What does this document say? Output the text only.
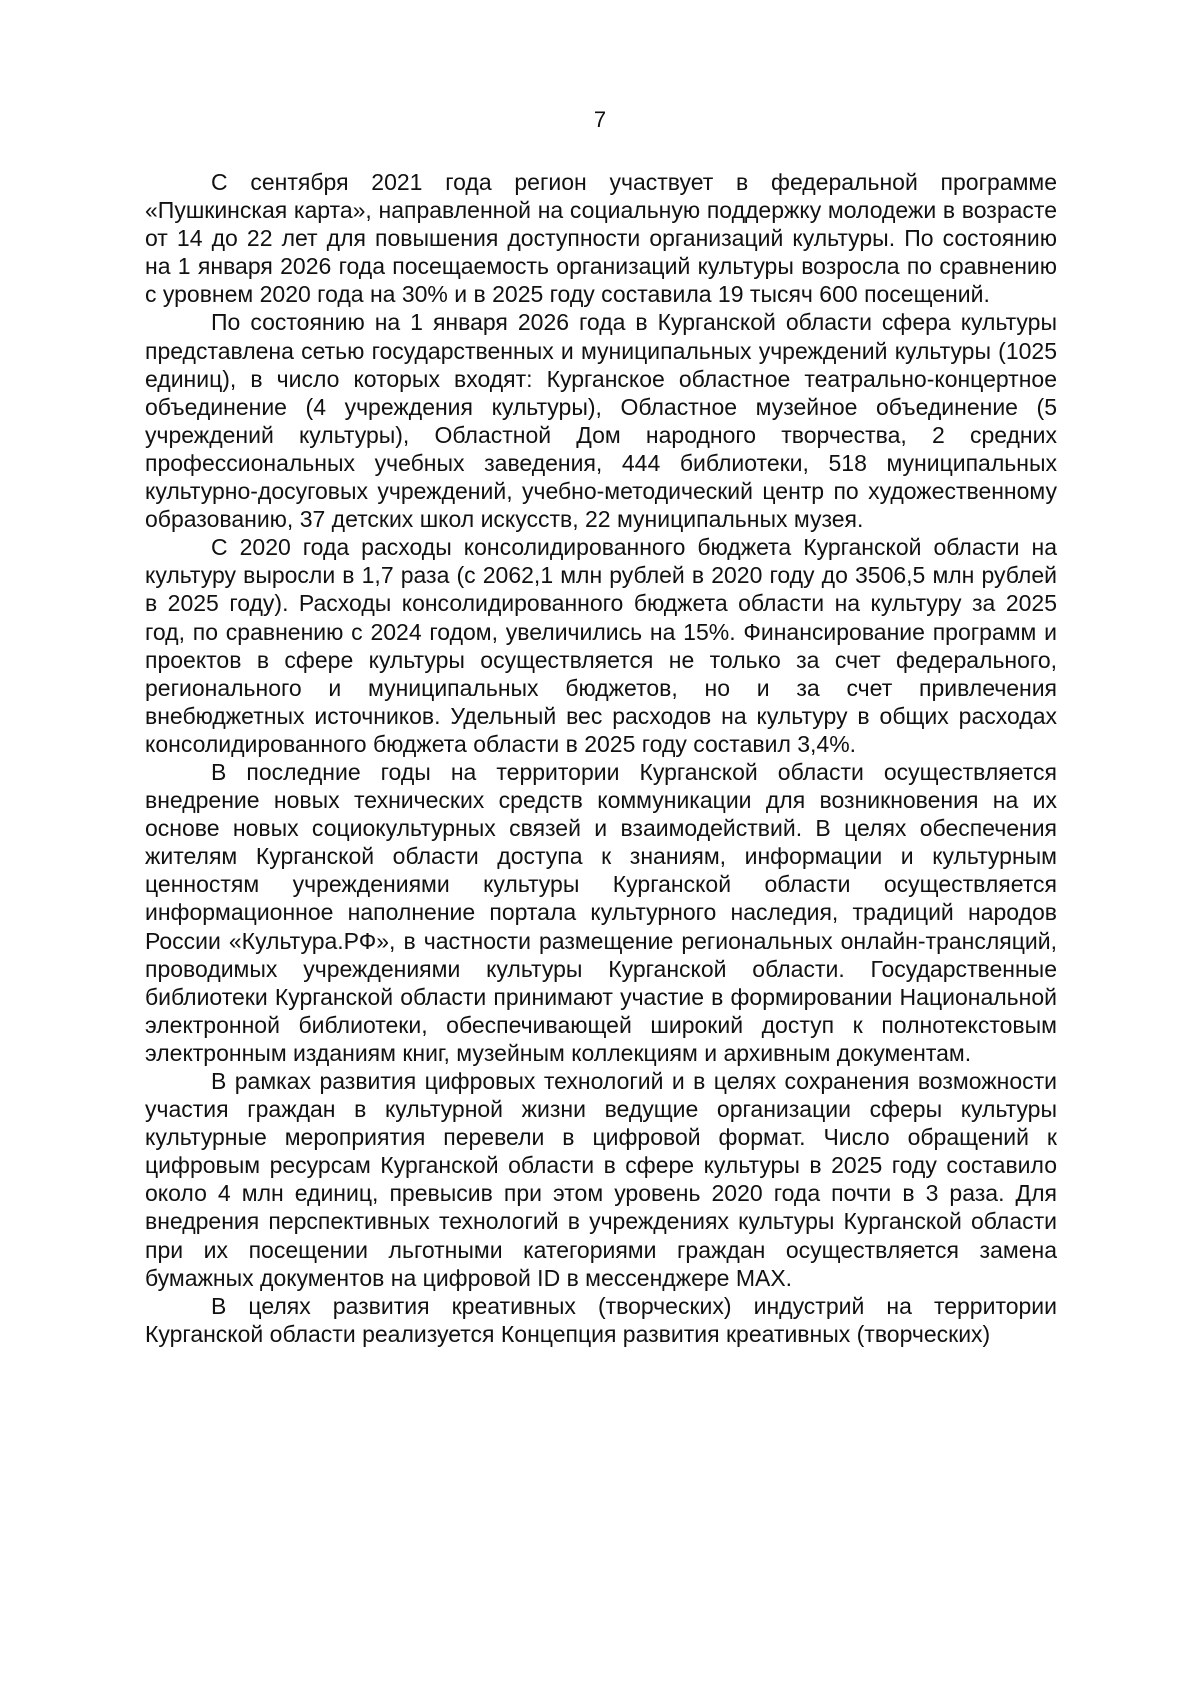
7

С сентября 2021 года регион участвует в федеральной программе «Пушкинская карта», направленной на социальную поддержку молодежи в возрасте от 14 до 22 лет для повышения доступности организаций культуры. По состоянию на 1 января 2026 года посещаемость организаций культуры возросла по сравнению с уровнем 2020 года на 30% и в 2025 году составила 19 тысяч 600 посещений.

По состоянию на 1 января 2026 года в Курганской области сфера культуры представлена сетью государственных и муниципальных учреждений культуры (1025 единиц), в число которых входят: Курганское областное театрально-концертное объединение (4 учреждения культуры), Областное музейное объединение (5 учреждений культуры), Областной Дом народного творчества, 2 средних профессиональных учебных заведения, 444 библиотеки, 518 муниципальных культурно-досуговых учреждений, учебно-методический центр по художественному образованию, 37 детских школ искусств, 22 муниципальных музея.

С 2020 года расходы консолидированного бюджета Курганской области на культуру выросли в 1,7 раза (с 2062,1 млн рублей в 2020 году до 3506,5 млн рублей в 2025 году). Расходы консолидированного бюджета области на культуру за 2025 год, по сравнению с 2024 годом, увеличились на 15%. Финансирование программ и проектов в сфере культуры осуществляется не только за счет федерального, регионального и муниципальных бюджетов, но и за счет привлечения внебюджетных источников. Удельный вес расходов на культуру в общих расходах консолидированного бюджета области в 2025 году составил 3,4%.

В последние годы на территории Курганской области осуществляется внедрение новых технических средств коммуникации для возникновения на их основе новых социокультурных связей и взаимодействий. В целях обеспечения жителям Курганской области доступа к знаниям, информации и культурным ценностям учреждениями культуры Курганской области осуществляется информационное наполнение портала культурного наследия, традиций народов России «Культура.РФ», в частности размещение региональных онлайн-трансляций, проводимых учреждениями культуры Курганской области. Государственные библиотеки Курганской области принимают участие в формировании Национальной электронной библиотеки, обеспечивающей широкий доступ к полнотекстовым электронным изданиям книг, музейным коллекциям и архивным документам.

В рамках развития цифровых технологий и в целях сохранения возможности участия граждан в культурной жизни ведущие организации сферы культуры культурные мероприятия перевели в цифровой формат. Число обращений к цифровым ресурсам Курганской области в сфере культуры в 2025 году составило около 4 млн единиц, превысив при этом уровень 2020 года почти в 3 раза. Для внедрения перспективных технологий в учреждениях культуры Курганской области при их посещении льготными категориями граждан осуществляется замена бумажных документов на цифровой ID в мессенджере MAX.

В целях развития креативных (творческих) индустрий на территории Курганской области реализуется Концепция развития креативных (творческих)
